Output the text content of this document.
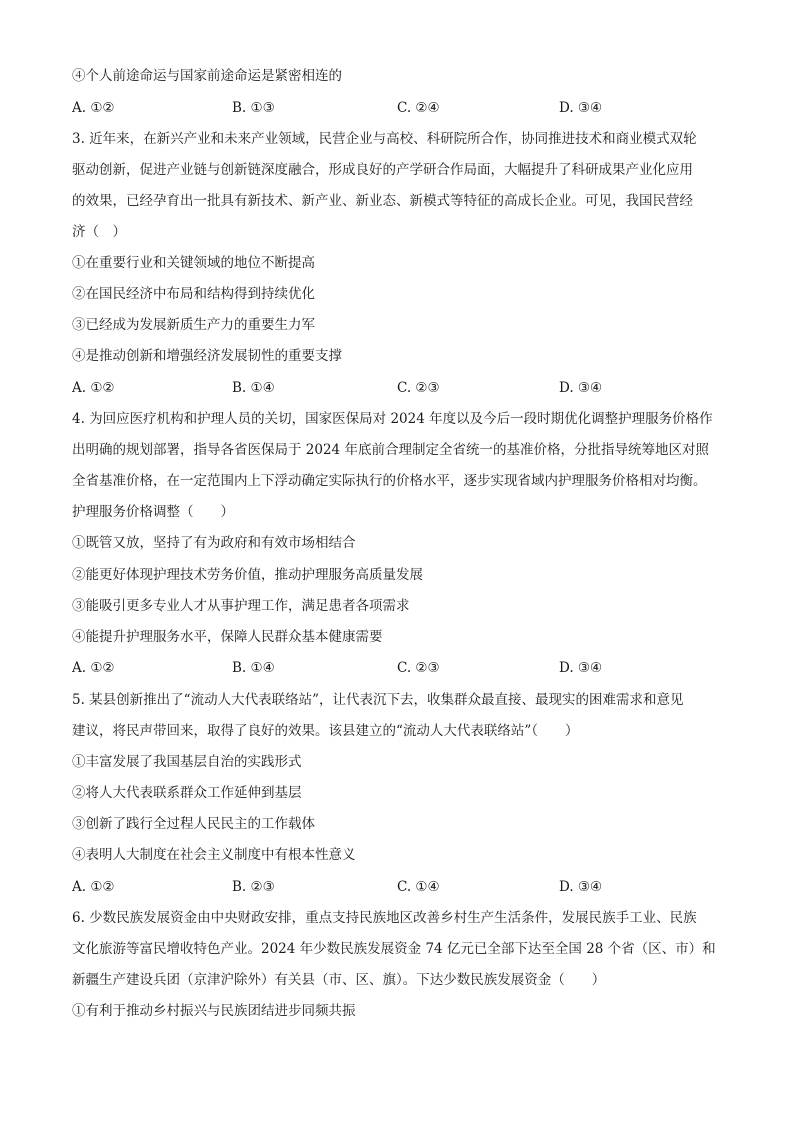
④个人前途命运与国家前途命运是紧密相连的
A. ①②	B. ①③	C. ②④	D. ③④
3. 近年来，在新兴产业和未来产业领域，民营企业与高校、科研院所合作，协同推进技术和商业模式双轮
驱动创新，促进产业链与创新链深度融合，形成良好的产学研合作局面，大幅提升了科研成果产业化应用
的效果，已经孕育出一批具有新技术、新产业、新业态、新模式等特征的高成长企业。可见，我国民营经
济（　）
①在重要行业和关键领域的地位不断提高
②在国民经济中布局和结构得到持续优化
③已经成为发展新质生产力的重要生力军
④是推动创新和增强经济发展韧性的重要支撑
A. ①②	B. ①④	C. ②③	D. ③④
4. 为回应医疗机构和护理人员的关切，国家医保局对 2024 年度以及今后一段时期优化调整护理服务价格作
出明确的规划部署，指导各省医保局于 2024 年底前合理制定全省统一的基准价格，分批指导统筹地区对照
全省基准价格，在一定范围内上下浮动确定实际执行的价格水平，逐步实现省域内护理服务价格相对均衡。
护理服务价格调整（　　）
①既管又放，坚持了有为政府和有效市场相结合
②能更好体现护理技术劳务价值，推动护理服务高质量发展
③能吸引更多专业人才从事护理工作，满足患者各项需求
④能提升护理服务水平，保障人民群众基本健康需要
A. ①②	B. ①④	C. ②③	D. ③④
5. 某县创新推出了“流动人大代表联络站”，让代表沉下去，收集群众最直接、最现实的困难需求和意见
建议，将民声带回来，取得了良好的效果。该县建立的“流动人大代表联络站”（　　）
①丰富发展了我国基层自治的实践形式
②将人大代表联系群众工作延伸到基层
③创新了践行全过程人民民主的工作载体
④表明人大制度在社会主义制度中有根本性意义
A. ①②	B. ②③	C. ①④	D. ③④
6. 少数民族发展资金由中央财政安排，重点支持民族地区改善乡村生产生活条件，发展民族手工业、民族
文化旅游等富民增收特色产业。2024 年少数民族发展资金 74 亿元已全部下达至全国 28 个省（区、市）和
新疆生产建设兵团（京津沪除外）有关县（市、区、旗）。下达少数民族发展资金（　　）
①有利于推动乡村振兴与民族团结进步同频共振
